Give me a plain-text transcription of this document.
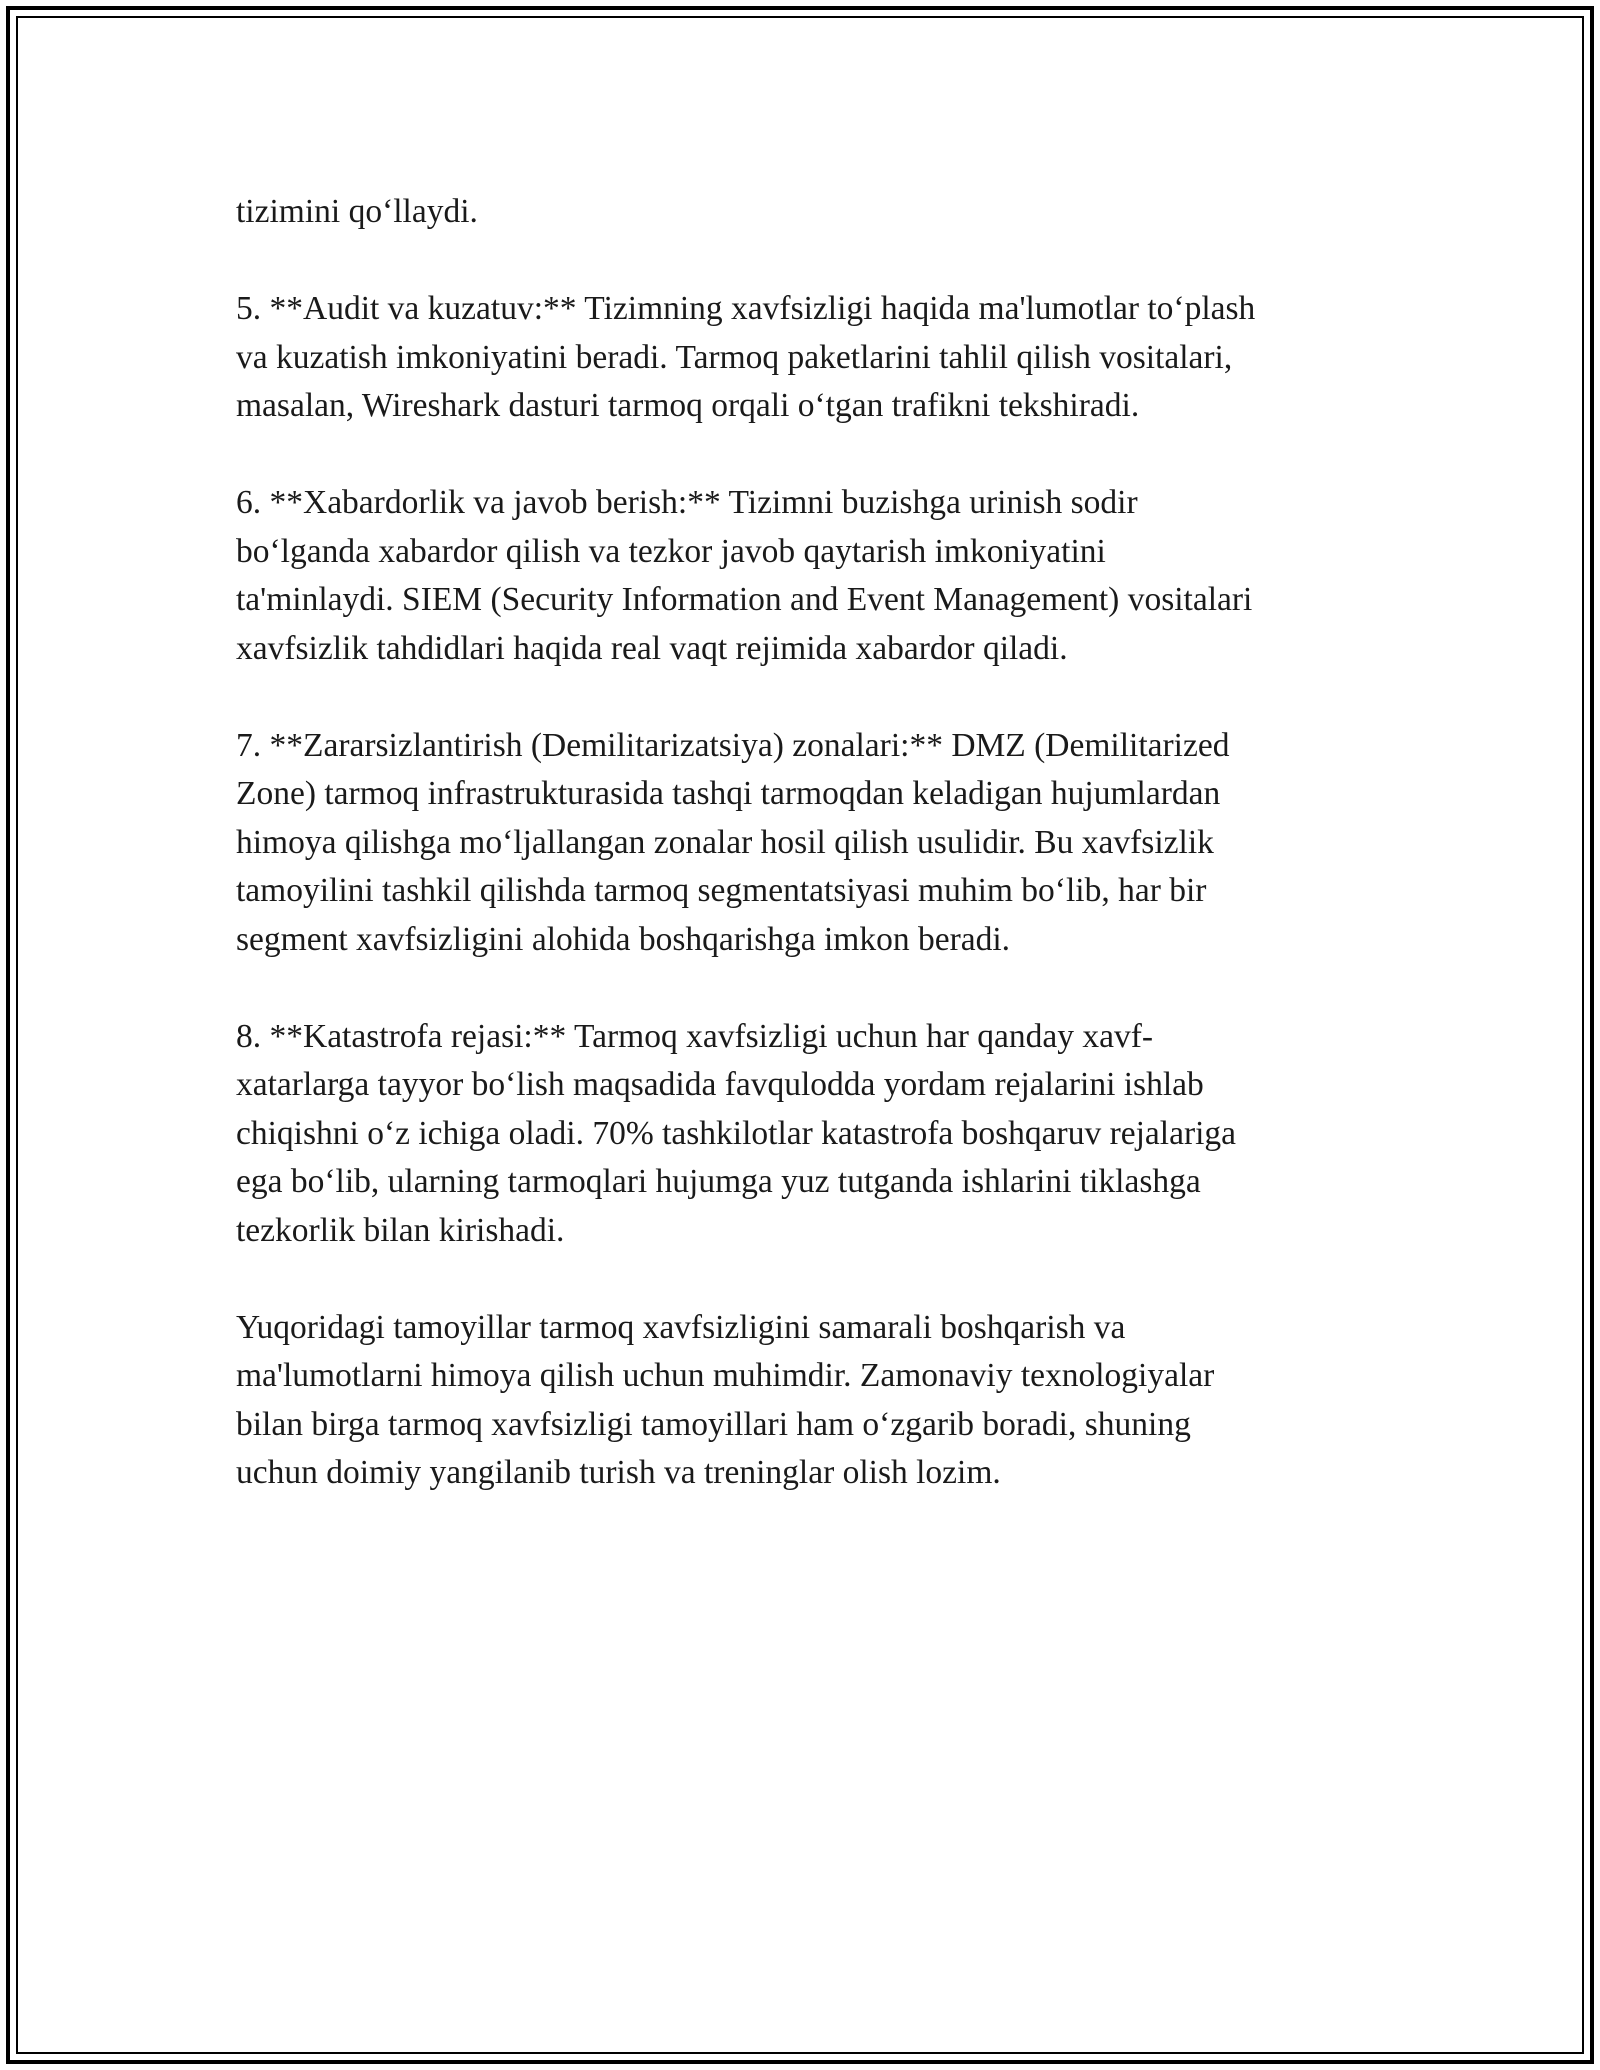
tizimini qo‘llaydi.

5. **Audit va kuzatuv:** Tizimning xavfsizligi haqida ma'lumotlar to‘plash
va kuzatish imkoniyatini beradi. Tarmoq paketlarini tahlil qilish vositalari,
masalan, Wireshark dasturi tarmoq orqali o‘tgan trafikni tekshiradi.

6. **Xabardorlik va javob berish:** Tizimni buzishga urinish sodir
bo‘lganda xabardor qilish va tezkor javob qaytarish imkoniyatini
ta'minlaydi. SIEM (Security Information and Event Management) vositalari
xavfsizlik tahdidlari haqida real vaqt rejimida xabardor qiladi.

7. **Zararsizlantirish (Demilitarizatsiya) zonalari:** DMZ (Demilitarized
Zone) tarmoq infrastrukturasida tashqi tarmoqdan keladigan hujumlardan
himoya qilishga mo‘ljallangan zonalar hosil qilish usulidir. Bu xavfsizlik
tamoyilini tashkil qilishda tarmoq segmentatsiyasi muhim bo‘lib, har bir
segment xavfsizligini alohida boshqarishga imkon beradi.

8. **Katastrofa rejasi:** Tarmoq xavfsizligi uchun har qanday xavf-
xatarlarga tayyor bo‘lish maqsadida favqulodda yordam rejalarini ishlab
chiqishni o‘z ichiga oladi. 70% tashkilotlar katastrofa boshqaruv rejalariga
ega bo‘lib, ularning tarmoqlari hujumga yuz tutganda ishlarini tiklashga
tezkorlik bilan kirishadi.

Yuqoridagi tamoyillar tarmoq xavfsizligini samarali boshqarish va
ma'lumotlarni himoya qilish uchun muhimdir. Zamonaviy texnologiyalar
bilan birga tarmoq xavfsizligi tamoyillari ham o‘zgarib boradi, shuning
uchun doimiy yangilanib turish va treninglar olish lozim.
